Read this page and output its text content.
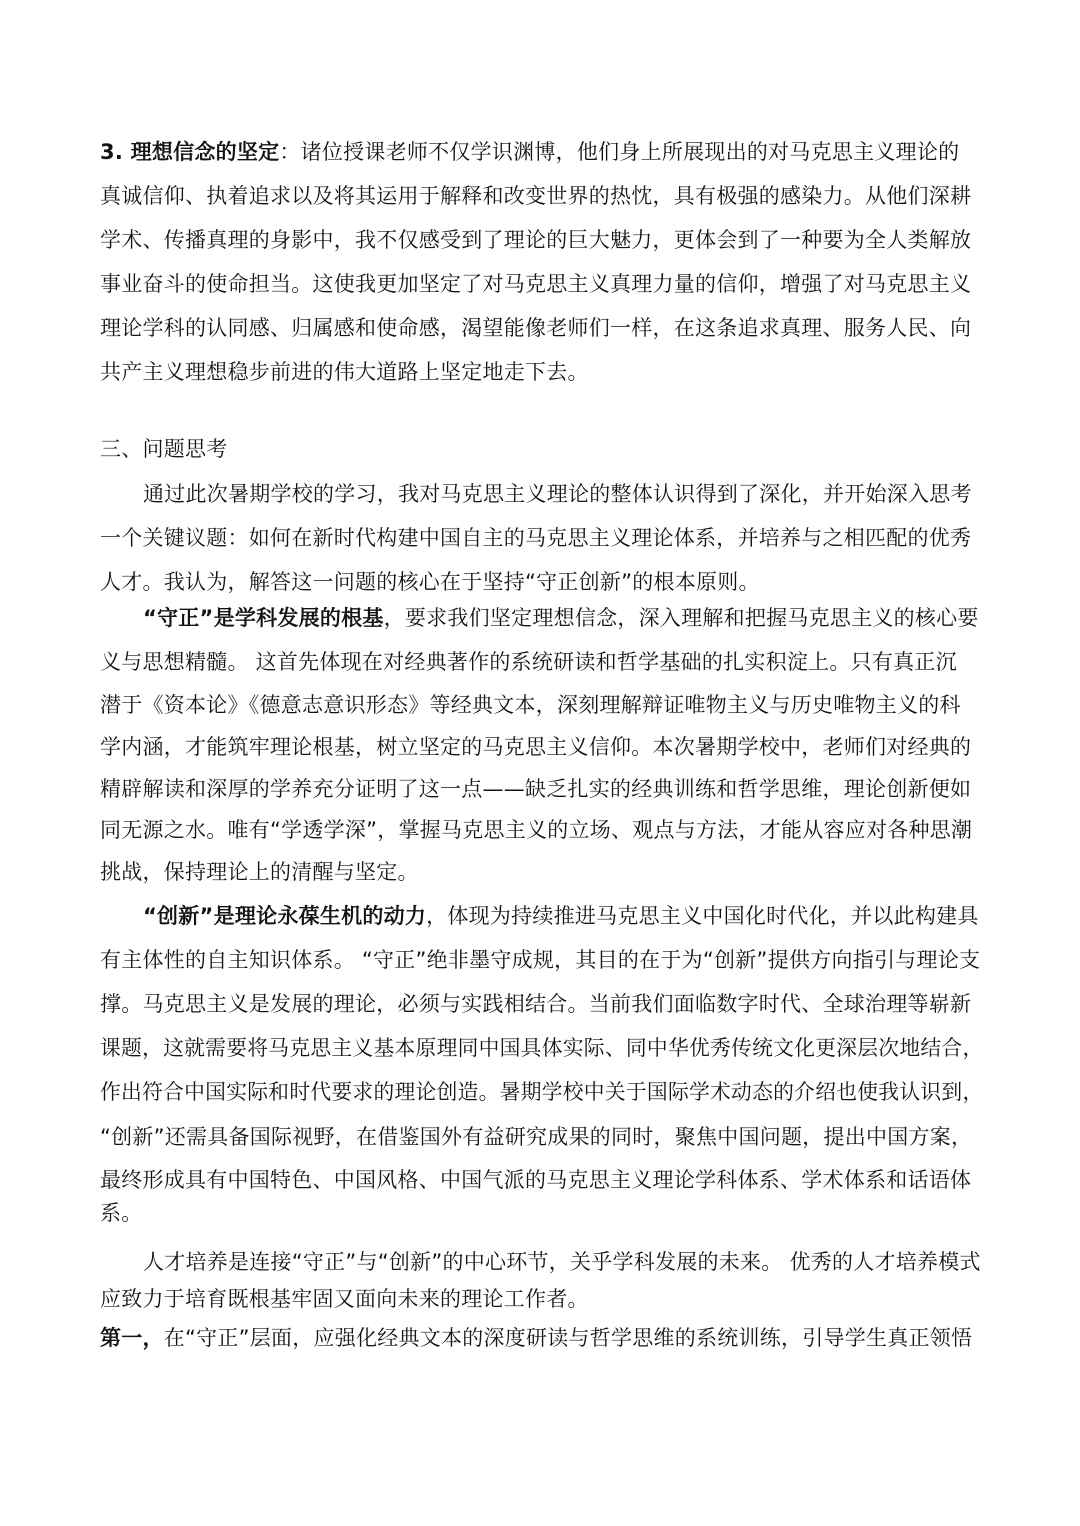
3. 理想信念的坚定：诸位授课老师不仅学识渊博，他们身上所展现出的对马克思主义理论的
真诚信仰、执着追求以及将其运用于解释和改变世界的热忱，具有极强的感染力。从他们深耕
学术、传播真理的身影中，我不仅感受到了理论的巨大魅力，更体会到了一种要为全人类解放
事业奋斗的使命担当。这使我更加坚定了对马克思主义真理力量的信仰，增强了对马克思主义
理论学科的认同感、归属感和使命感，渴望能像老师们一样，在这条追求真理、服务人民、向
共产主义理想稳步前进的伟大道路上坚定地走下去。
三、问题思考
通过此次暑期学校的学习，我对马克思主义理论的整体认识得到了深化，并开始深入思考
一个关键议题：如何在新时代构建中国自主的马克思主义理论体系，并培养与之相匹配的优秀
人才。我认为，解答这一问题的核心在于坚持“守正创新”的根本原则。
“守正”是学科发展的根基，要求我们坚定理想信念，深入理解和把握马克思主义的核心要
义与思想精髓。 这首先体现在对经典著作的系统研读和哲学基础的扎实积淀上。只有真正沉
潜于《资本论》《德意志意识形态》等经典文本，深刻理解辩证唯物主义与历史唯物主义的科
学内涵，才能筑牢理论根基，树立坚定的马克思主义信仰。本次暑期学校中，老师们对经典的
精辟解读和深厚的学养充分证明了这一点——缺乏扎实的经典训练和哲学思维，理论创新便如
同无源之水。唯有“学透学深”，掌握马克思主义的立场、观点与方法，才能从容应对各种思潮
挑战，保持理论上的清醒与坚定。
“创新”是理论永葆生机的动力，体现为持续推进马克思主义中国化时代化，并以此构建具
有主体性的自主知识体系。 “守正”绝非墨守成规，其目的在于为“创新”提供方向指引与理论支
撑。马克思主义是发展的理论，必须与实践相结合。当前我们面临数字时代、全球治理等崭新
课题，这就需要将马克思主义基本原理同中国具体实际、同中华优秀传统文化更深层次地结合，
作出符合中国实际和时代要求的理论创造。暑期学校中关于国际学术动态的介绍也使我认识到，
“创新”还需具备国际视野，在借鉴国外有益研究成果的同时，聚焦中国问题，提出中国方案，
最终形成具有中国特色、中国风格、中国气派的马克思主义理论学科体系、学术体系和话语体
系。
人才培养是连接“守正”与“创新”的中心环节，关乎学科发展的未来。 优秀的人才培养模式
应致力于培育既根基牢固又面向未来的理论工作者。
第一，在“守正”层面，应强化经典文本的深度研读与哲学思维的系统训练，引导学生真正领悟
